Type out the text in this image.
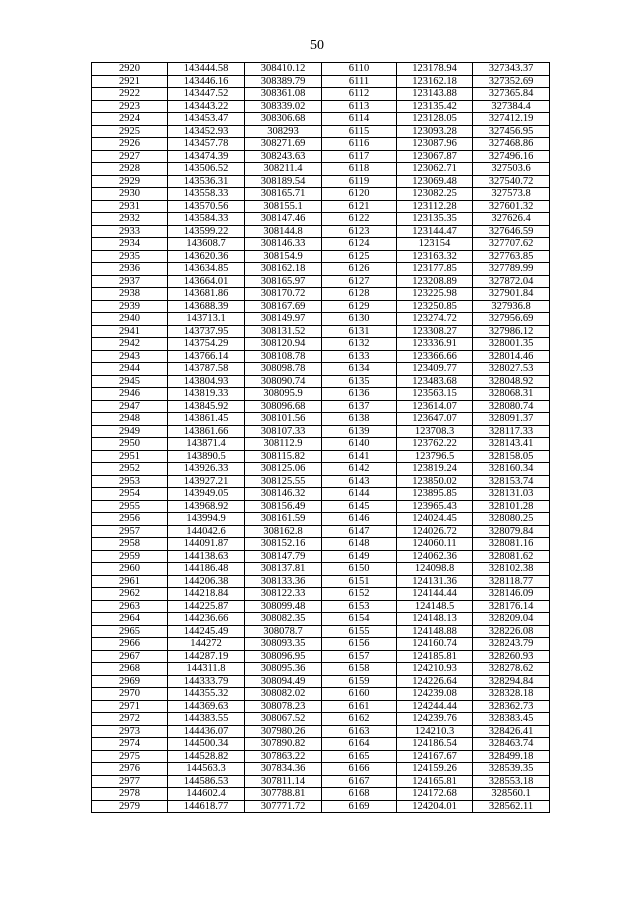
50
2920	143444.58	308410.12	6110	123178.94	327343.37
2921	143446.16	308389.79	6111	123162.18	327352.69
2922	143447.52	308361.08	6112	123143.88	327365.84
2923	143443.22	308339.02	6113	123135.42	327384.4
2924	143453.47	308306.68	6114	123128.05	327412.19
2925	143452.93	308293	6115	123093.28	327456.95
2926	143457.78	308271.69	6116	123087.96	327468.86
2927	143474.39	308243.63	6117	123067.87	327496.16
2928	143506.52	308211.4	6118	123062.71	327503.6
2929	143536.31	308189.54	6119	123069.48	327540.72
2930	143558.33	308165.71	6120	123082.25	327573.8
2931	143570.56	308155.1	6121	123112.28	327601.32
2932	143584.33	308147.46	6122	123135.35	327626.4
2933	143599.22	308144.8	6123	123144.47	327646.59
2934	143608.7	308146.33	6124	123154	327707.62
2935	143620.36	308154.9	6125	123163.32	327763.85
2936	143634.85	308162.18	6126	123177.85	327789.99
2937	143664.01	308165.97	6127	123208.89	327872.04
2938	143681.86	308170.72	6128	123225.98	327901.84
2939	143688.39	308167.69	6129	123250.85	327936.8
2940	143713.1	308149.97	6130	123274.72	327956.69
2941	143737.95	308131.52	6131	123308.27	327986.12
2942	143754.29	308120.94	6132	123336.91	328001.35
2943	143766.14	308108.78	6133	123366.66	328014.46
2944	143787.58	308098.78	6134	123409.77	328027.53
2945	143804.93	308090.74	6135	123483.68	328048.92
2946	143819.33	308095.9	6136	123563.15	328068.31
2947	143845.92	308096.68	6137	123614.07	328080.74
2948	143861.45	308101.56	6138	123647.07	328091.37
2949	143861.66	308107.33	6139	123708.3	328117.33
2950	143871.4	308112.9	6140	123762.22	328143.41
2951	143890.5	308115.82	6141	123796.5	328158.05
2952	143926.33	308125.06	6142	123819.24	328160.34
2953	143927.21	308125.55	6143	123850.02	328153.74
2954	143949.05	308146.32	6144	123895.85	328131.03
2955	143968.92	308156.49	6145	123965.43	328101.28
2956	143994.9	308161.59	6146	124024.45	328080.25
2957	144042.6	308162.8	6147	124026.72	328079.84
2958	144091.87	308152.16	6148	124060.11	328081.16
2959	144138.63	308147.79	6149	124062.36	328081.62
2960	144186.48	308137.81	6150	124098.8	328102.38
2961	144206.38	308133.36	6151	124131.36	328118.77
2962	144218.84	308122.33	6152	124144.44	328146.09
2963	144225.87	308099.48	6153	124148.5	328176.14
2964	144236.66	308082.35	6154	124148.13	328209.04
2965	144245.49	308078.7	6155	124148.88	328226.08
2966	144272	308093.35	6156	124160.74	328243.79
2967	144287.19	308096.95	6157	124185.81	328260.93
2968	144311.8	308095.36	6158	124210.93	328278.62
2969	144333.79	308094.49	6159	124226.64	328294.84
2970	144355.32	308082.02	6160	124239.08	328328.18
2971	144369.63	308078.23	6161	124244.44	328362.73
2972	144383.55	308067.52	6162	124239.76	328383.45
2973	144436.07	307980.26	6163	124210.3	328426.41
2974	144500.34	307890.82	6164	124186.54	328463.74
2975	144528.82	307863.22	6165	124167.67	328499.18
2976	144563.3	307834.36	6166	124159.26	328539.35
2977	144586.53	307811.14	6167	124165.81	328553.18
2978	144602.4	307788.81	6168	124172.68	328560.1
2979	144618.77	307771.72	6169	124204.01	328562.11
